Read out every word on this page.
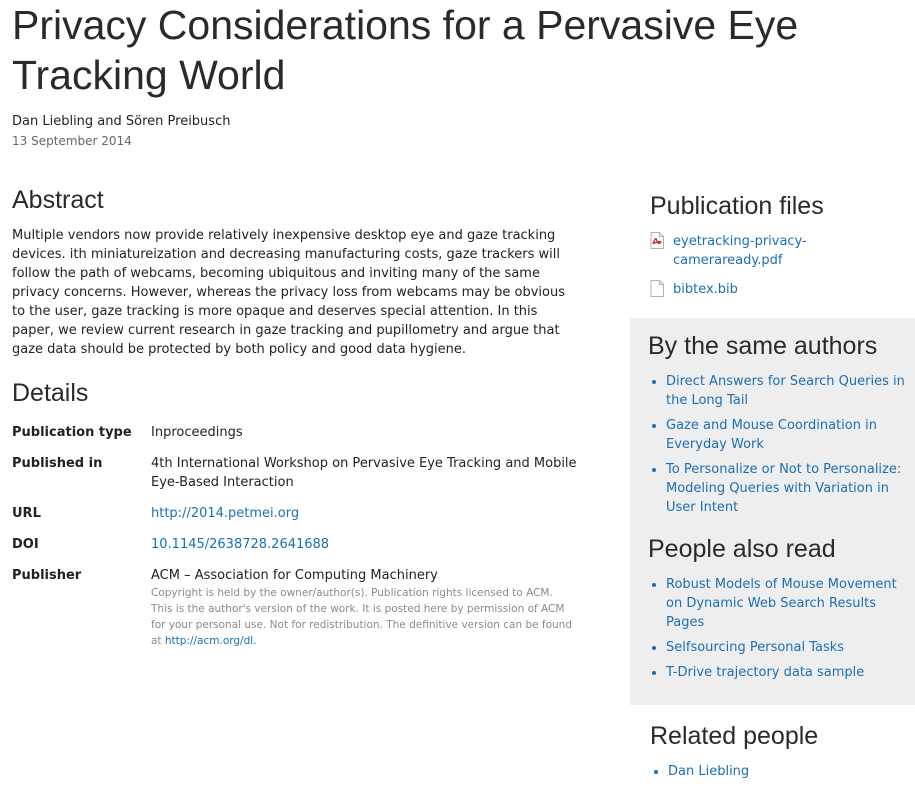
Privacy Considerations for a Pervasive Eye Tracking World
Dan Liebling and Sören Preibusch
13 September 2014
Abstract

Multiple vendors now provide relatively inexpensive desktop eye and gaze tracking devices. ith miniatureization and decreasing manufacturing costs, gaze trackers will follow the path of webcams, becoming ubiquitous and inviting many of the same privacy concerns. However, whereas the privacy loss from webcams may be obvious to the user, gaze tracking is more opaque and deserves special attention. In this paper, we review current research in gaze tracking and pupillometry and argue that gaze data should be protected by both policy and good data hygiene.

Details
Publication type	Inproceedings
Published in	4th International Workshop on Pervasive Eye Tracking and Mobile Eye-Based Interaction
URL	http://2014.petmei.org
DOI	10.1145/2638728.2641688
Publisher	ACM – Association for Computing Machinery
Copyright is held by the owner/author(s). Publication rights licensed to ACM. This is the author's version of the work. It is posted here by permission of ACM for your personal use. Not for redistribution. The definitive version can be found at http://acm.org/dl.
Publication files
eyetracking-privacy-cameraready.pdf
bibtex.bib
By the same authors
• Direct Answers for Search Queries in the Long Tail
• Gaze and Mouse Coordination in Everyday Work
• To Personalize or Not to Personalize: Modeling Queries with Variation in User Intent
People also read
• Robust Models of Mouse Movement on Dynamic Web Search Results Pages
• Selfsourcing Personal Tasks
• T-Drive trajectory data sample
Related people
• Dan Liebling
